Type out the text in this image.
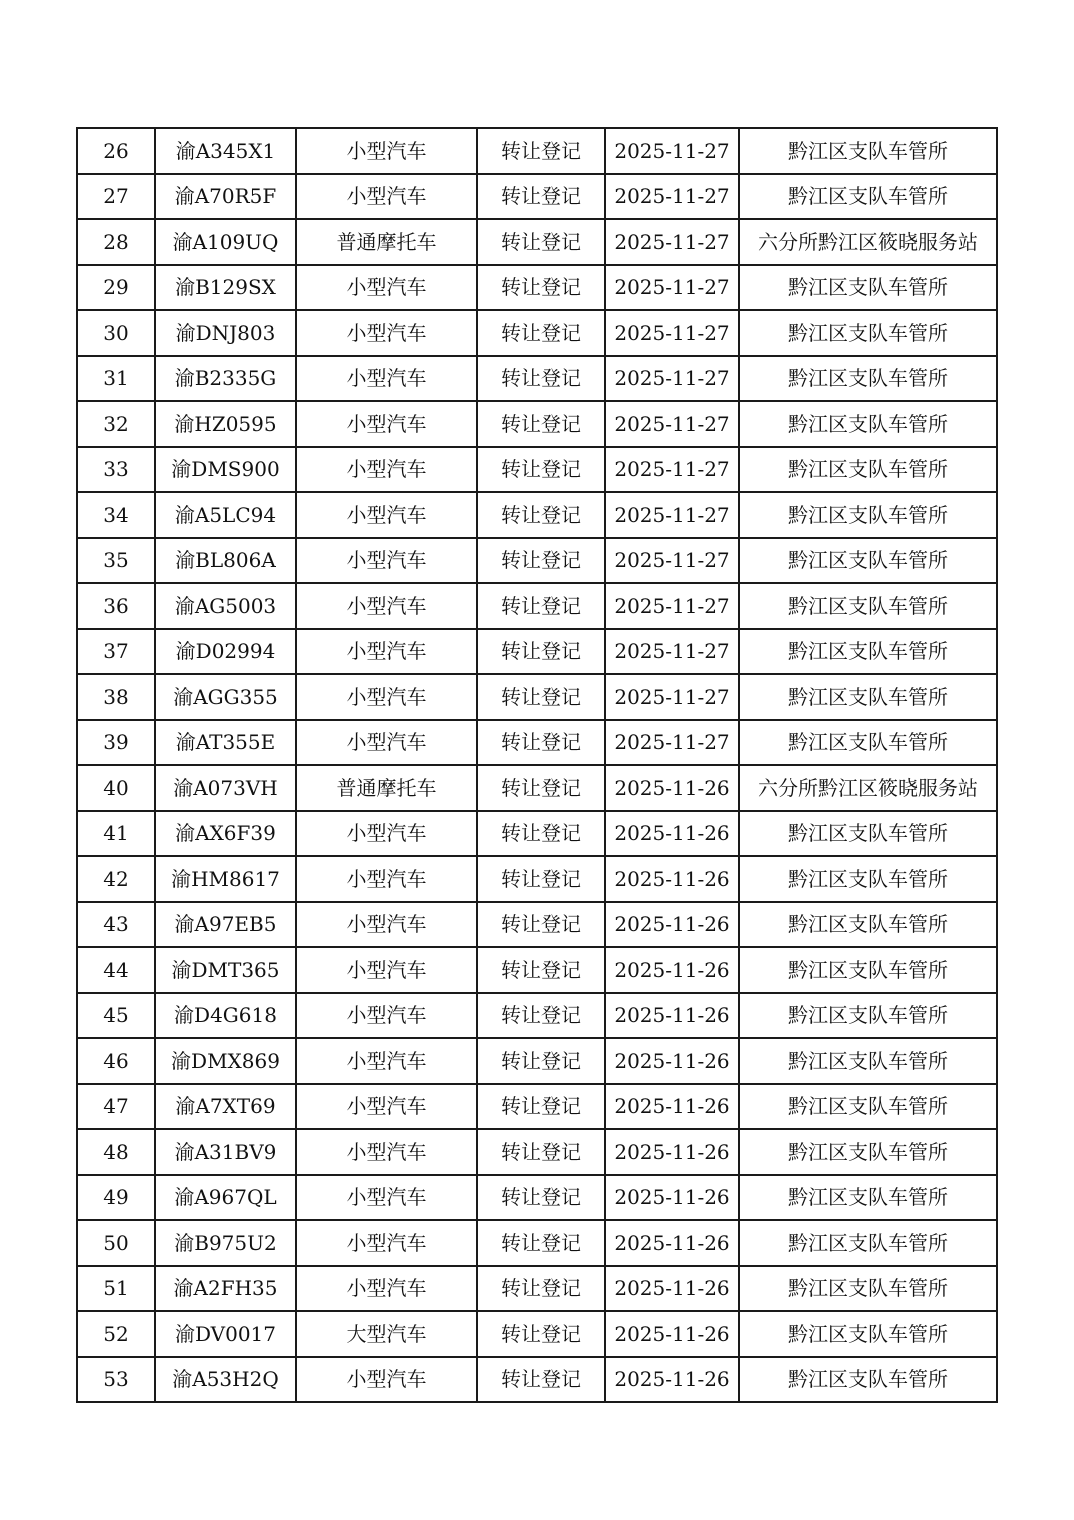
26	渝A345X1	小型汽车	转让登记	2025-11-27	黔江区支队车管所
27	渝A70R5F	小型汽车	转让登记	2025-11-27	黔江区支队车管所
28	渝A109UQ	普通摩托车	转让登记	2025-11-27	六分所黔江区筱晓服务站
29	渝B129SX	小型汽车	转让登记	2025-11-27	黔江区支队车管所
30	渝DNJ803	小型汽车	转让登记	2025-11-27	黔江区支队车管所
31	渝B2335G	小型汽车	转让登记	2025-11-27	黔江区支队车管所
32	渝HZ0595	小型汽车	转让登记	2025-11-27	黔江区支队车管所
33	渝DMS900	小型汽车	转让登记	2025-11-27	黔江区支队车管所
34	渝A5LC94	小型汽车	转让登记	2025-11-27	黔江区支队车管所
35	渝BL806A	小型汽车	转让登记	2025-11-27	黔江区支队车管所
36	渝AG5003	小型汽车	转让登记	2025-11-27	黔江区支队车管所
37	渝D02994	小型汽车	转让登记	2025-11-27	黔江区支队车管所
38	渝AGG355	小型汽车	转让登记	2025-11-27	黔江区支队车管所
39	渝AT355E	小型汽车	转让登记	2025-11-27	黔江区支队车管所
40	渝A073VH	普通摩托车	转让登记	2025-11-26	六分所黔江区筱晓服务站
41	渝AX6F39	小型汽车	转让登记	2025-11-26	黔江区支队车管所
42	渝HM8617	小型汽车	转让登记	2025-11-26	黔江区支队车管所
43	渝A97EB5	小型汽车	转让登记	2025-11-26	黔江区支队车管所
44	渝DMT365	小型汽车	转让登记	2025-11-26	黔江区支队车管所
45	渝D4G618	小型汽车	转让登记	2025-11-26	黔江区支队车管所
46	渝DMX869	小型汽车	转让登记	2025-11-26	黔江区支队车管所
47	渝A7XT69	小型汽车	转让登记	2025-11-26	黔江区支队车管所
48	渝A31BV9	小型汽车	转让登记	2025-11-26	黔江区支队车管所
49	渝A967QL	小型汽车	转让登记	2025-11-26	黔江区支队车管所
50	渝B975U2	小型汽车	转让登记	2025-11-26	黔江区支队车管所
51	渝A2FH35	小型汽车	转让登记	2025-11-26	黔江区支队车管所
52	渝DV0017	大型汽车	转让登记	2025-11-26	黔江区支队车管所
53	渝A53H2Q	小型汽车	转让登记	2025-11-26	黔江区支队车管所
